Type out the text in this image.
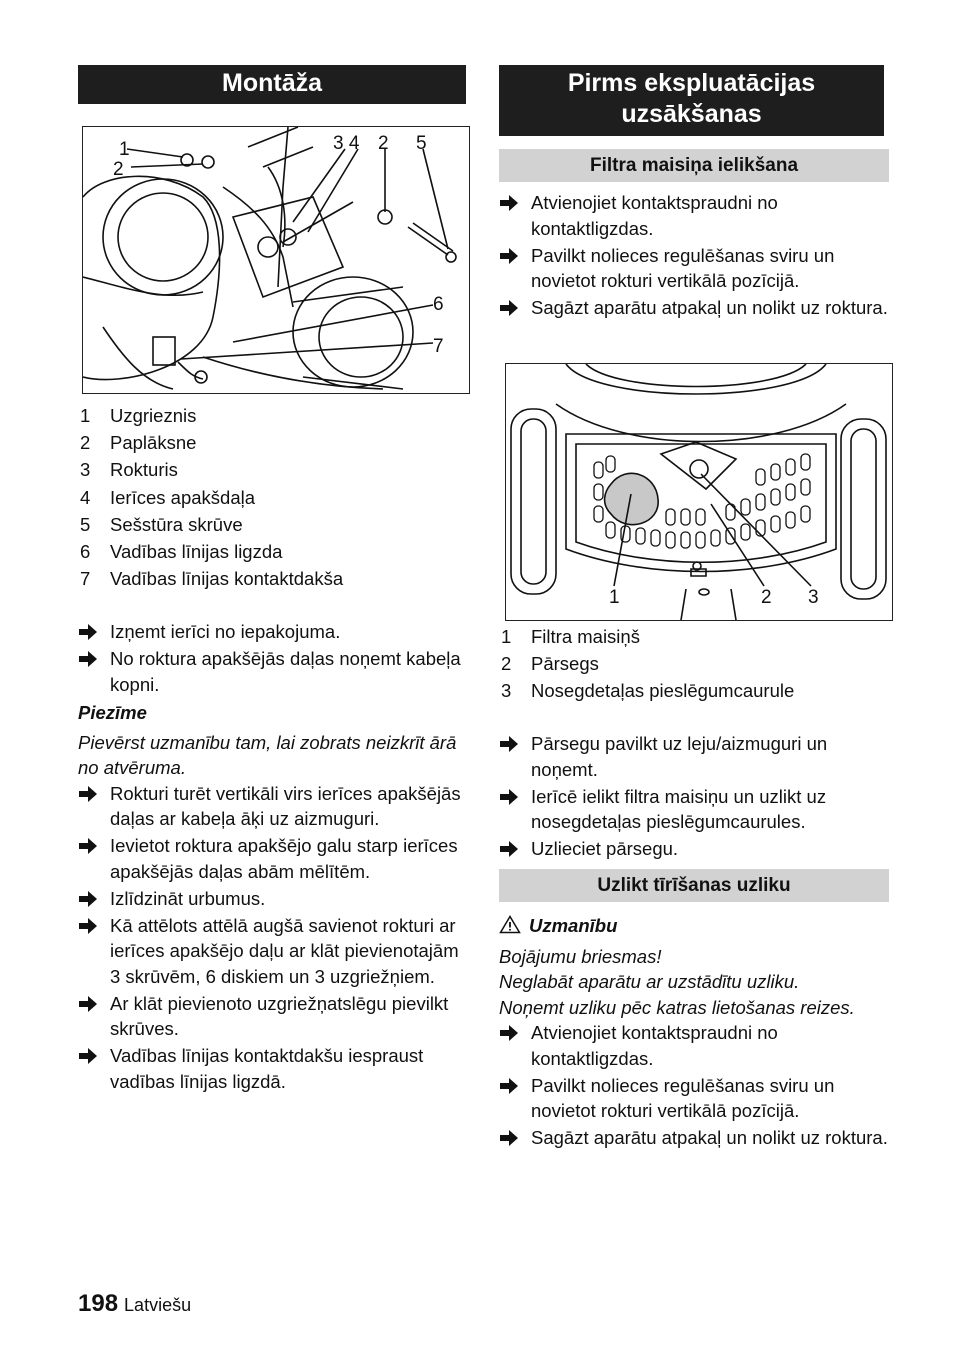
Montāža
1
2
3 4 2 5
6
7
1 Uzgrieznis
2 Paplāksne
3 Rokturis
4 Ierīces apakšdaļa
5 Sešstūra skrūve
6 Vadības līnijas ligzda
7 Vadības līnijas kontaktdakša
Izņemt ierīci no iepakojuma.
No roktura apakšējās daļas noņemt kabeļa kopni.
Piezīme
Pievērst uzmanību tam, lai zobrats neizkrīt ārā no atvēruma.
Rokturi turēt vertikāli virs ierīces apakšējās daļas ar kabeļa āķi uz aizmuguri.
Ievietot roktura apakšējo galu starp ierīces apakšējās daļas abām mēlītēm.
Izlīdzināt urbumus.
Kā attēlots attēlā augšā savienot rokturi ar ierīces apakšējo daļu ar klāt pievienotajām 3 skrūvēm, 6 diskiem un 3 uzgriežņiem.
Ar klāt pievienoto uzgriežņatslēgu pievilkt skrūves.
Vadības līnijas kontaktdakšu iespraust vadības līnijas ligzdā.
Pirms ekspluatācijas
uzsākšanas
Filtra maisiņa ielikšana
Atvienojiet kontaktspraudni no kontaktligzdas.
Pavilkt nolieces regulēšanas sviru un novietot rokturi vertikālā pozīcijā.
Sagāzt aparātu atpakaļ un nolikt uz roktura.
1	2 3
1 Filtra maisiņš
2 Pārsegs
3 Nosegdetaļas pieslēgumcaurule
Pārsegu pavilkt uz leju/aizmuguri un noņemt.
Ierīcē ielikt filtra maisiņu un uzlikt uz nosegdetaļas pieslēgumcaurules.
Uzlieciet pārsegu.
Uzlikt tīrīšanas uzliku
Uzmanību
Bojājumu briesmas!
Neglabāt aparātu ar uzstādītu uzliku.
Noņemt uzliku pēc katras lietošanas reizes.
Atvienojiet kontaktspraudni no kontaktligzdas.
Pavilkt nolieces regulēšanas sviru un novietot rokturi vertikālā pozīcijā.
Sagāzt aparātu atpakaļ un nolikt uz roktura.
198 Latviešu
